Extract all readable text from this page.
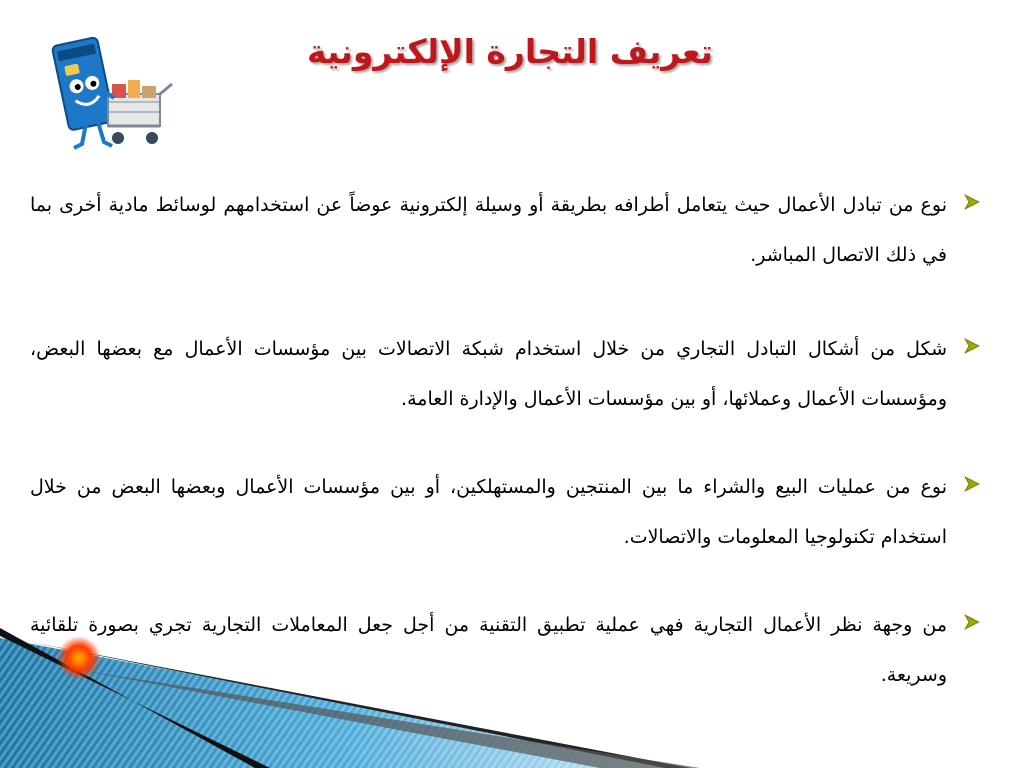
تعريف التجارة الإلكترونية
نوع من تبادل الأعمال حيث يتعامل أطرافه بطريقة أو وسيلة إلكترونية عوضاً عن استخدامهم لوسائط مادية أخرى بما في ذلك الاتصال المباشر.
شكل من أشكال التبادل التجاري من خلال استخدام شبكة الاتصالات بين مؤسسات الأعمال مع بعضها البعض، ومؤسسات الأعمال وعملائها، أو بين مؤسسات الأعمال والإدارة العامة.
نوع من عمليات البيع والشراء ما بين المنتجين والمستهلكين، أو بين مؤسسات الأعمال وبعضها البعض من خلال استخدام تكنولوجيا المعلومات والاتصالات.
من وجهة نظر الأعمال التجارية فهي عملية تطبيق التقنية من أجل جعل المعاملات التجارية تجري بصورة تلقائية وسريعة.
